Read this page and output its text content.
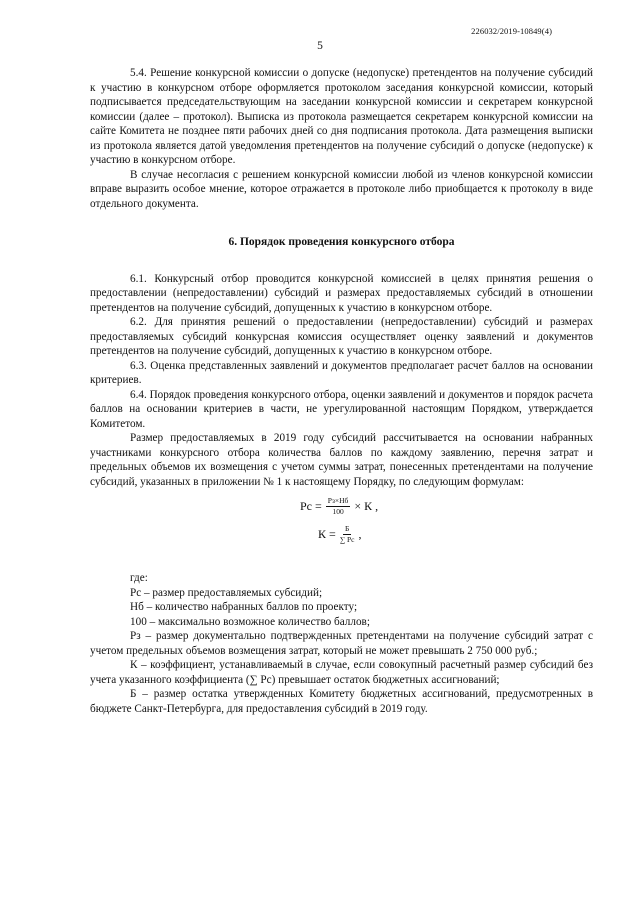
226032/2019-10849(4)
5

5.4. Решение конкурсной комиссии о допуске (недопуске) претендентов на получение субсидий к участию в конкурсном отборе оформляется протоколом заседания конкурсной комиссии, который подписывается председательствующим на заседании конкурсной комиссии и секретарем конкурсной комиссии (далее – протокол). Выписка из протокола размещается секретарем конкурсной комиссии на сайте Комитета не позднее пяти рабочих дней со дня подписания протокола. Дата размещения выписки из протокола является датой уведомления претендентов на получение субсидий о допуске (недопуске) к участию в конкурсном отборе.

В случае несогласия с решением конкурсной комиссии любой из членов конкурсной комиссии вправе выразить особое мнение, которое отражается в протоколе либо приобщается к протоколу в виде отдельного документа.

6. Порядок проведения конкурсного отбора

6.1. Конкурсный отбор проводится конкурсной комиссией в целях принятия решения о предоставлении (непредоставлении) субсидий и размерах предоставляемых субсидий в отношении претендентов на получение субсидий, допущенных к участию в конкурсном отборе.

6.2. Для принятия решений о предоставлении (непредоставлении) субсидий и размерах предоставляемых субсидий конкурсная комиссия осуществляет оценку заявлений и документов претендентов на получение субсидий, допущенных к участию в конкурсном отборе.

6.3. Оценка представленных заявлений и документов предполагает расчет баллов на основании критериев.

6.4. Порядок проведения конкурсного отбора, оценки заявлений и документов и порядок расчета баллов на основании критериев в части, не урегулированной настоящим Порядком, утверждается Комитетом.

Размер предоставляемых в 2019 году субсидий рассчитывается на основании набранных участниками конкурсного отбора количества баллов по каждому заявлению, перечня затрат и предельных объемов их возмещения с учетом суммы затрат, понесенных претендентами на получение субсидий, указанных в приложении № 1 к настоящему Порядку, по следующим формулам:

Рс = $\frac{Рз\times Нб}{100} \times К$ ,
$К = \frac{Б}{\sum Рс}$ ,

где:

Рс – размер предоставляемых субсидий;

Нб – количество набранных баллов по проекту;

100 – максимально возможное количество баллов;

Рз – размер документально подтвержденных претендентами на получение субсидий затрат с учетом предельных объемов возмещения затрат, который не может превышать 2 750 000 руб.;

К – коэффициент, устанавливаемый в случае, если совокупный расчетный размер субсидий без учета указанного коэффициента (∑ Рс) превышает остаток бюджетных ассигнований;

Б – размер остатка утвержденных Комитету бюджетных ассигнований, предусмотренных в бюджете Санкт-Петербурга, для предоставления субсидий в 2019 году.
